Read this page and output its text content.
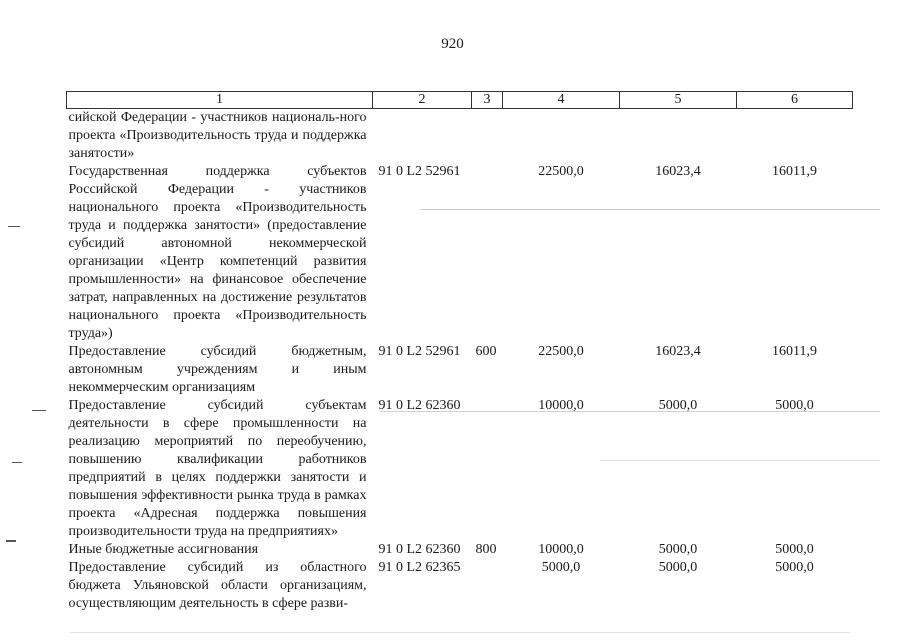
920
1	2	3	4	5	6
сийской Федерации - участников националь-ного проекта «Производительность труда и поддержка занятости»					
Государственная поддержка субъектов Российской Федерации - участников национального проекта «Производительность труда и поддержка занятости» (предоставление субсидий автономной некоммерческой организации «Центр компетенций развития промышленности» на финансовое обеспечение затрат, направленных на достижение результатов национального проекта «Производительность труда»)	91 0 L2 52961		22500,0	16023,4	16011,9
Предоставление субсидий бюджетным, автономным учреждениям и иным некоммерческим организациям	91 0 L2 52961	600	22500,0	16023,4	16011,9
Предоставление субсидий субъектам деятельности в сфере промышленности на реализацию мероприятий по переобучению, повышению квалификации работников предприятий в целях поддержки занятости и повышения эффективности рынка труда в рамках проекта «Адресная поддержка повышения производительности труда на предприятиях»	91 0 L2 62360		10000,0	5000,0	5000,0
Иные бюджетные ассигнования	91 0 L2 62360	800	10000,0	5000,0	5000,0
Предоставление субсидий из областного бюджета Ульяновской области организациям, осуществляющим деятельность в сфере разви-	91 0 L2 62365		5000,0	5000,0	5000,0
